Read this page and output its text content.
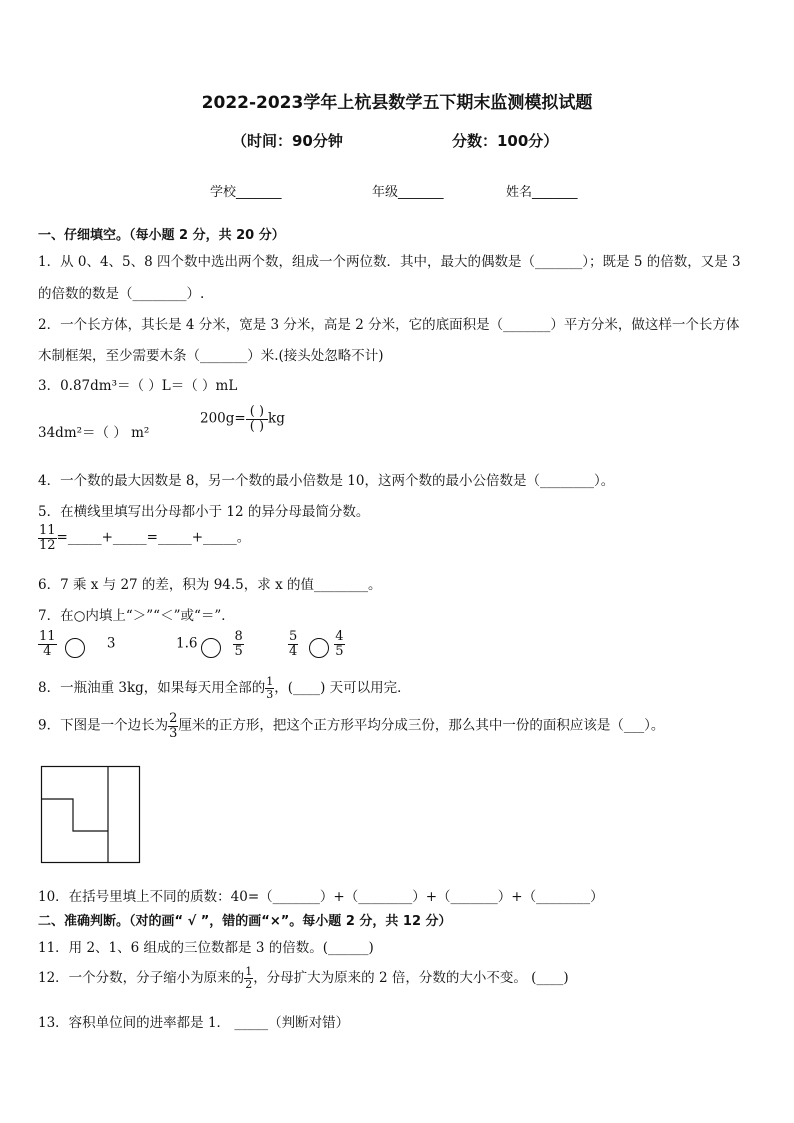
2022-2023学年上杭县数学五下期末监测模拟试题
（时间：90分钟	分数：100分）
学校_______	年级_______	姓名_______
一、仔细填空。（每小题 2 分，共 20 分）
1．从 0、4、5、8 四个数中选出两个数，组成一个两位数．其中，最大的偶数是（_______）；既是 5 的倍数，又是 3
的倍数的数是（________）.
2．一个长方体，其长是 4 分米，宽是 3 分米，高是 2 分米，它的底面积是（_______）平方分米，做这样一个长方体
木制框架，至少需要木条（_______）米.(接头处忽略不计)
3．0.87dm³＝（ ）L＝（ ）mL
34dm²＝（ ） m²
200g= ( )
( ) kg
4．一个数的最大因数是 8，另一个数的最小倍数是 10，这两个数的最小公倍数是（________）。
5．在横线里填写出分母都小于 12 的异分母最简分数。
$\frac{11}{12}$ =_____+_____=_____+_____。
6．7 乘 x 与 27 的差，积为 94.5，求 x 的值________。
7．在○内填上“＞”“＜”或“＝”．
$\frac{11}{4}$	3	1.6	$\frac{8}{5}$	$\frac{5}{4}$	$\frac{4}{5}$
8．一瓶油重 3kg，如果每天用全部的 $\frac{1}{3}$ ，(____) 天可以用完．
9．下图是一个边长为 $\frac{2}{3}$ 厘米的正方形，把这个正方形平均分成三份，那么其中一份的面积应该是（___）。
10．在括号里填上不同的质数：40=（_______）+（________）+（_______）+（________）
二、准确判断。（对的画“ √ ”，错的画“×”。每小题 2 分，共 12 分）
11．用 2、1、6 组成的三位数都是 3 的倍数。(______)
12．一个分数，分子缩小为原来的 $\frac{1}{2}$ ，分母扩大为原来的 2 倍，分数的大小不变。 (____)
13．容积单位间的进率都是 1． _____（判断对错）
